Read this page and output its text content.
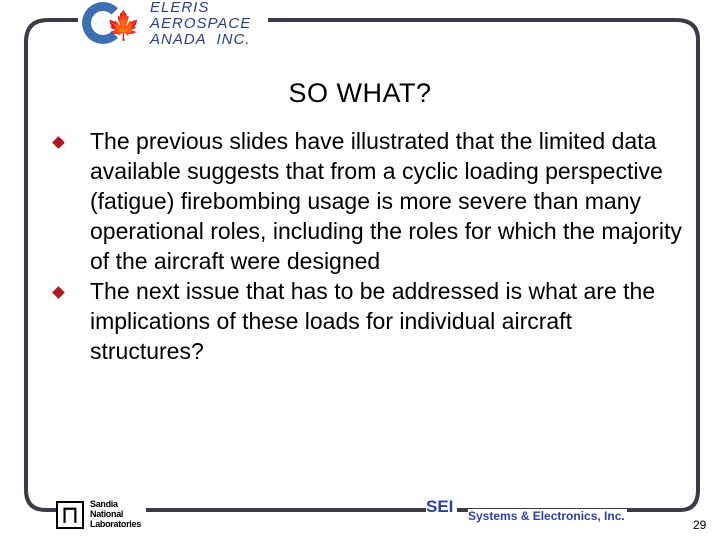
🍁
ELERIS
AEROSPACE
ANADA  INC.
SO WHAT?
The previous slides have illustrated that the limited data available suggests that from a cyclic loading perspective (fatigue) firebombing usage is more severe than many operational roles, including the roles for which the majority of the aircraft were designed
The next issue that has to be addressed is what are the implications of these loads for individual aircraft structures?
⨅
Sandia
National
Laboratories
SEI	Systems & Electronics, Inc.
29
